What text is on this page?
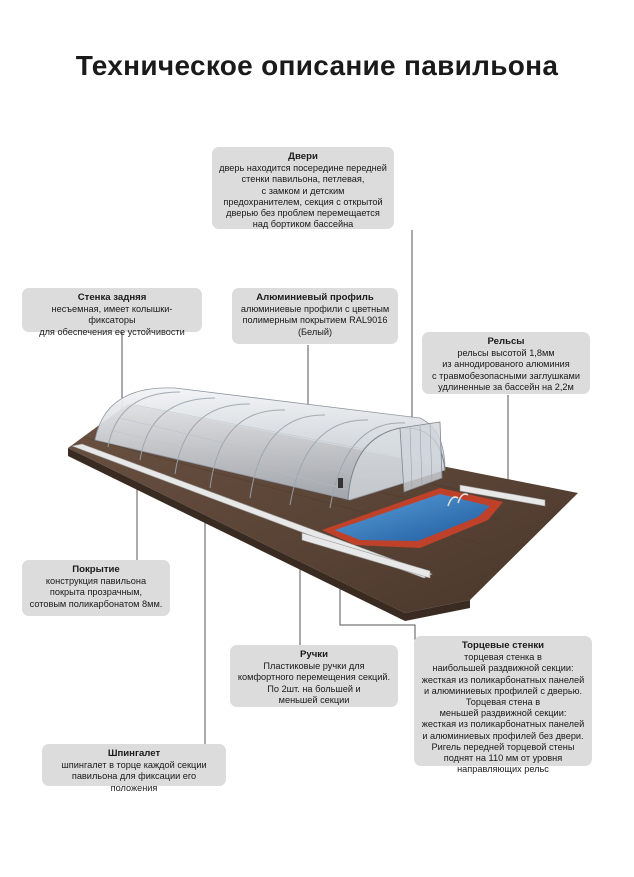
Техническое описание павильона
Двери
дверь находится посередине передней
стенки павильона, петлевая,
с замком и детским
предохранителем, секция с открытой
дверью без проблем перемещается
над бортиком бассейна
Стенка задняя
несъемная, имеет колышки-фиксаторы
для обеспечения ее устойчивости
Алюминиевый профиль
алюминиевые профили с цветным
полимерным покрытием RAL9016
(Белый)
Рельсы
рельсы высотой 1,8мм
из аннодированого алюминия
с травмобезопасными заглушками
удлиненные за бассейн на 2,2м
Покрытие
конструкция павильона
покрыта прозрачным,
сотовым поликарбонатом 8мм.
Ручки
Пластиковые ручки для
комфортного перемещения секций.
По 2шт. на большей и
меньшей секции
Торцевые стенки
торцевая стенка в
наибольшей раздвижной секции:
жесткая из поликарбонатных панелей
и алюминиевых профилей с дверью.
Торцевая стена в
меньшей раздвижной секции:
жесткая из поликарбонатных панелей
и алюминиевых профилей без двери.
Ригель передней торцевой стены
поднят на 110 мм от уровня
направляющих рельс
Шпингалет
шпингалет в торце каждой секции
павильона для фиксации его положения
